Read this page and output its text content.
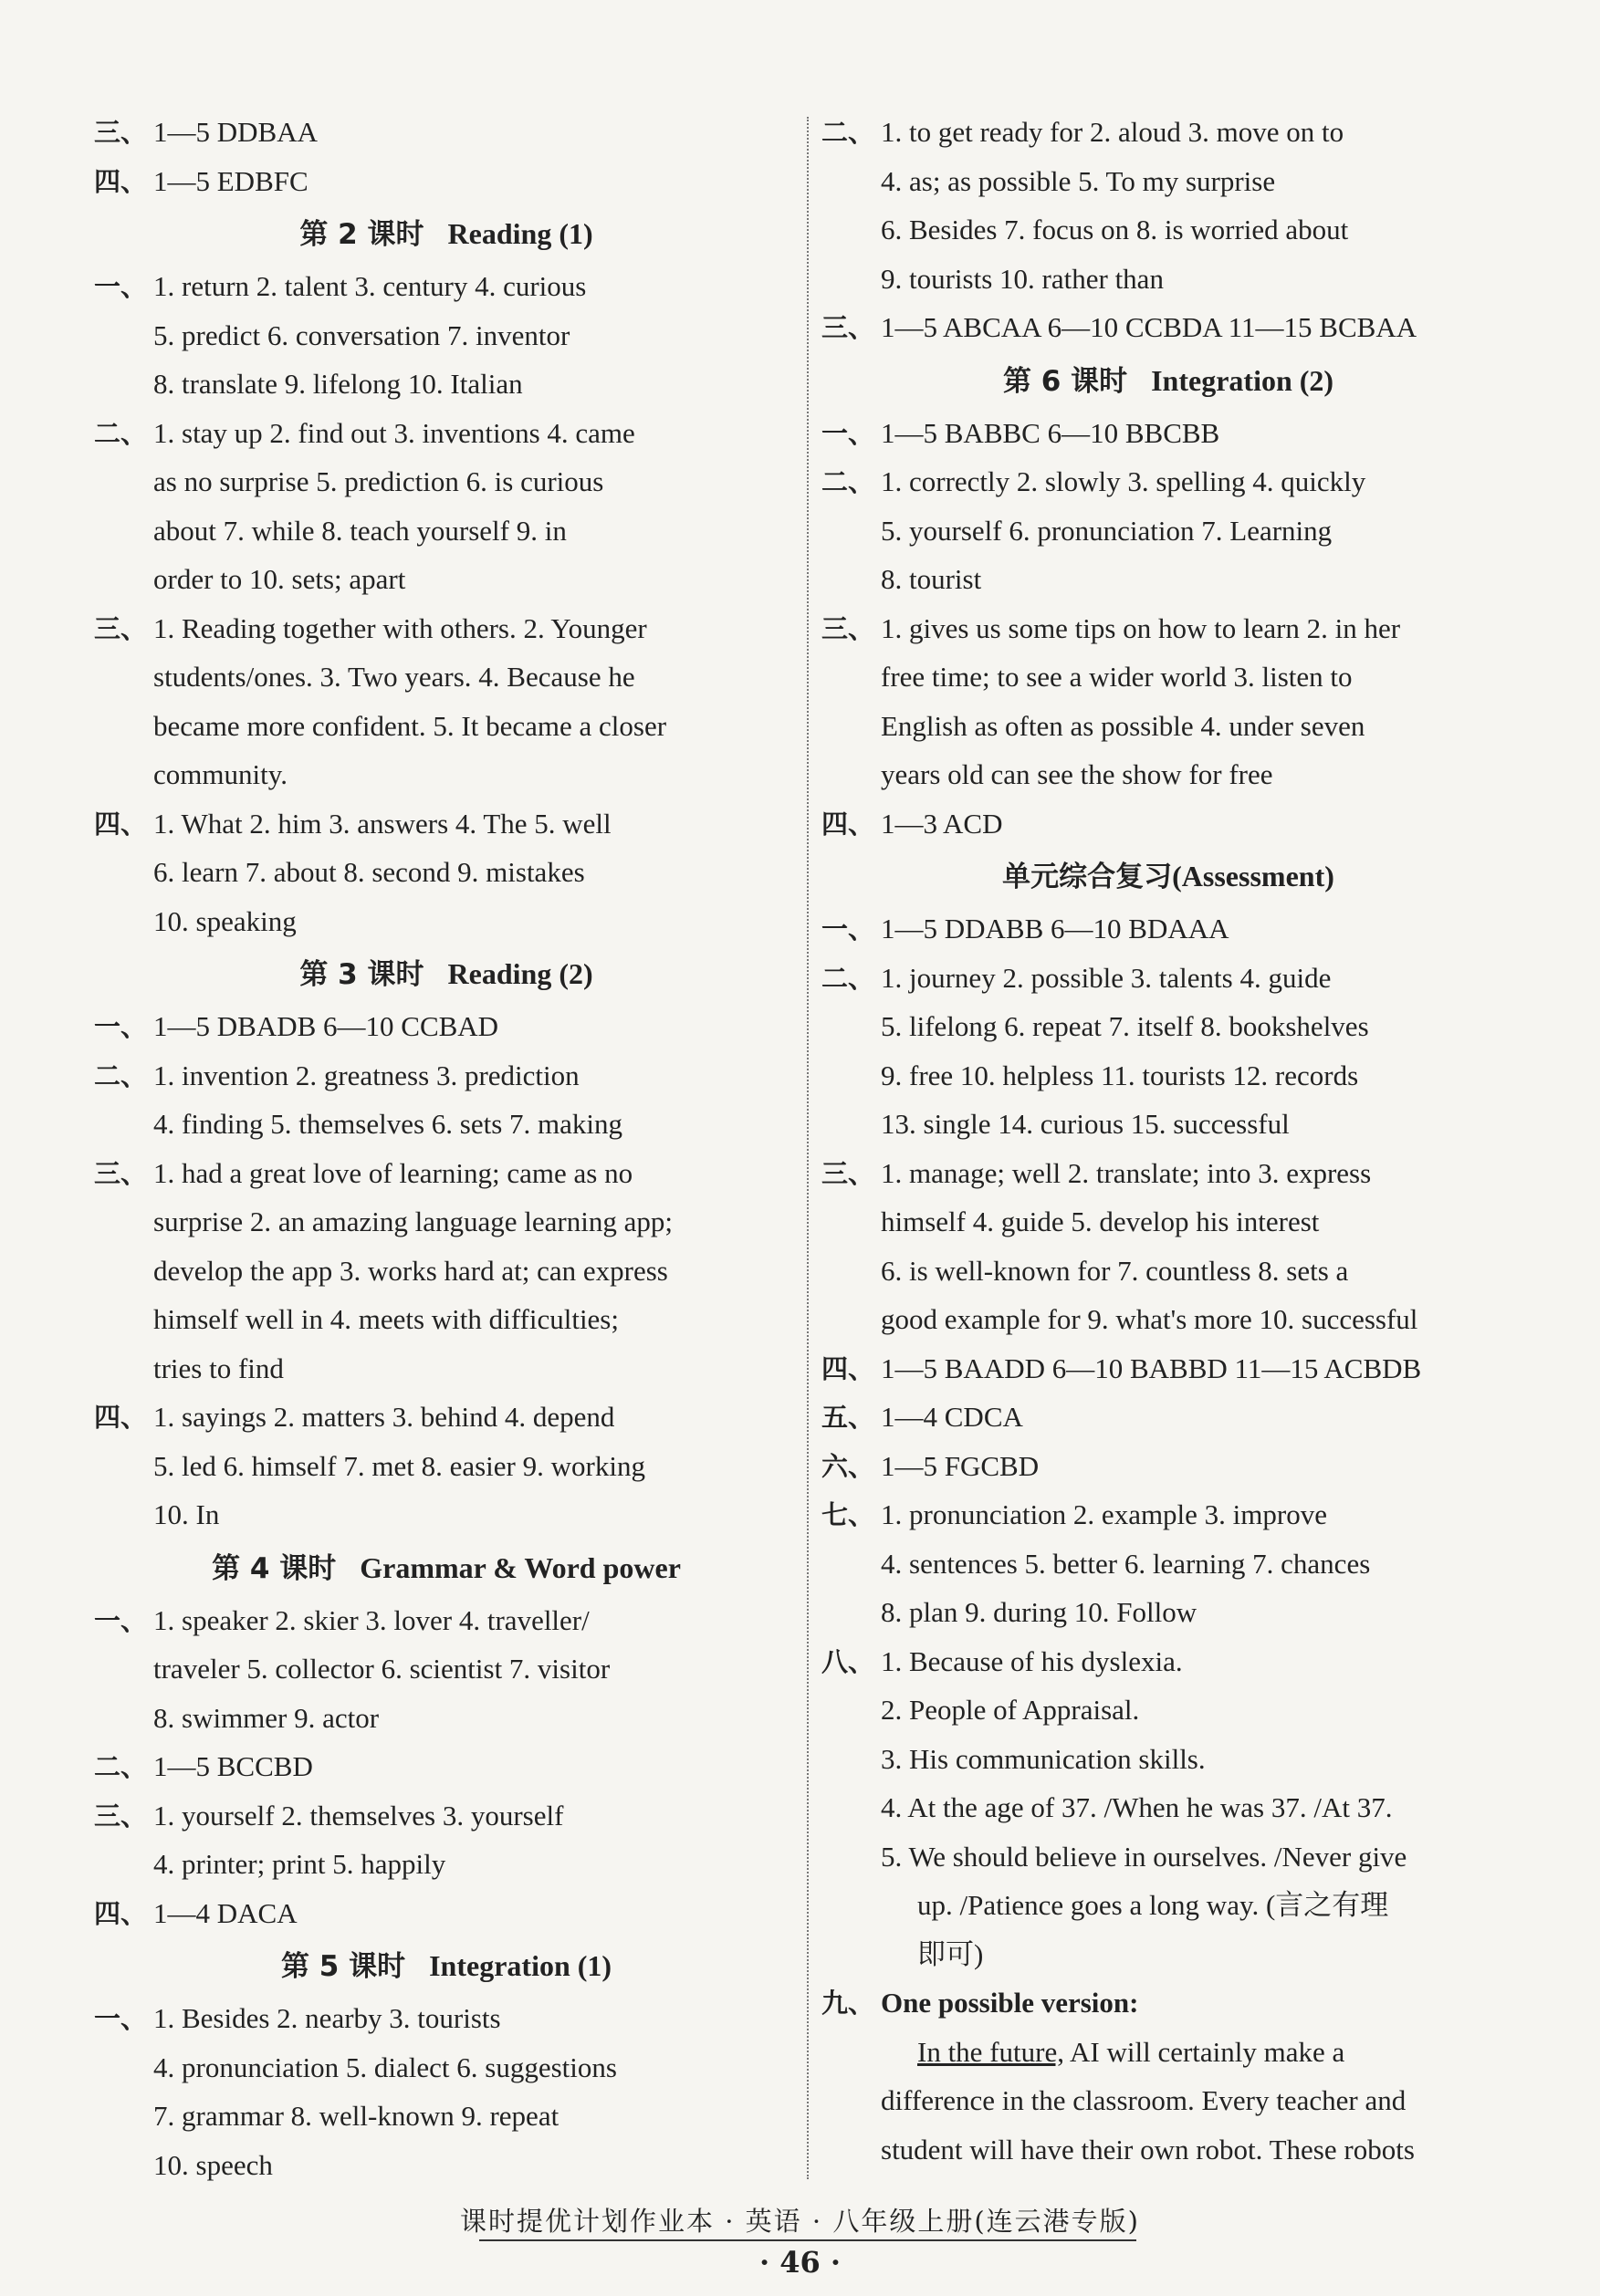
三、 1—5 DDBAA
四、 1—5 EDBFC
第 2 课时 Reading (1)
一、 1. return 2. talent 3. century 4. curious
5. predict 6. conversation 7. inventor
8. translate 9. lifelong 10. Italian
二、 1. stay up 2. find out 3. inventions 4. came
as no surprise 5. prediction 6. is curious
about 7. while 8. teach yourself 9. in
order to 10. sets; apart
三、 1. Reading together with others. 2. Younger
students/ones. 3. Two years. 4. Because he
became more confident. 5. It became a closer
community.
四、 1. What 2. him 3. answers 4. The 5. well
6. learn 7. about 8. second 9. mistakes
10. speaking
第 3 课时 Reading (2)
一、 1—5 DBADB 6—10 CCBAD
二、 1. invention 2. greatness 3. prediction
4. finding 5. themselves 6. sets 7. making
三、 1. had a great love of learning; came as no
surprise 2. an amazing language learning app;
develop the app 3. works hard at; can express
himself well in 4. meets with difficulties;
tries to find
四、 1. sayings 2. matters 3. behind 4. depend
5. led 6. himself 7. met 8. easier 9. working
10. In
第 4 课时 Grammar & Word power
一、 1. speaker 2. skier 3. lover 4. traveller/
traveler 5. collector 6. scientist 7. visitor
8. swimmer 9. actor
二、 1—5 BCCBD
三、 1. yourself 2. themselves 3. yourself
4. printer; print 5. happily
四、 1—4 DACA
第 5 课时 Integration (1)
一、 1. Besides 2. nearby 3. tourists
4. pronunciation 5. dialect 6. suggestions
7. grammar 8. well-known 9. repeat
10. speech
二、 1. to get ready for 2. aloud 3. move on to
4. as; as possible 5. To my surprise
6. Besides 7. focus on 8. is worried about
9. tourists 10. rather than
三、 1—5 ABCAA 6—10 CCBDA 11—15 BCBAA
第 6 课时 Integration (2)
一、 1—5 BABBC 6—10 BBCBB
二、 1. correctly 2. slowly 3. spelling 4. quickly
5. yourself 6. pronunciation 7. Learning
8. tourist
三、 1. gives us some tips on how to learn 2. in her
free time; to see a wider world 3. listen to
English as often as possible 4. under seven
years old can see the show for free
四、 1—3 ACD
单元综合复习(Assessment)
一、 1—5 DDABB 6—10 BDAAA
二、 1. journey 2. possible 3. talents 4. guide
5. lifelong 6. repeat 7. itself 8. bookshelves
9. free 10. helpless 11. tourists 12. records
13. single 14. curious 15. successful
三、 1. manage; well 2. translate; into 3. express
himself 4. guide 5. develop his interest
6. is well-known for 7. countless 8. sets a
good example for 9. what's more 10. successful
四、 1—5 BAADD 6—10 BABBD 11—15 ACBDB
五、 1—4 CDCA
六、 1—5 FGCBD
七、 1. pronunciation 2. example 3. improve
4. sentences 5. better 6. learning 7. chances
8. plan 9. during 10. Follow
八、 1. Because of his dyslexia.
2. People of Appraisal.
3. His communication skills.
4. At the age of 37. /When he was 37. /At 37.
5. We should believe in ourselves. /Never give
up. /Patience goes a long way. (言之有理
即可)
九、 One possible version:
In the future, AI will certainly make a
difference in the classroom. Every teacher and
student will have their own robot. These robots
课时提优计划作业本 · 英语 · 八年级上册(连云港专版)
· 46 ·
